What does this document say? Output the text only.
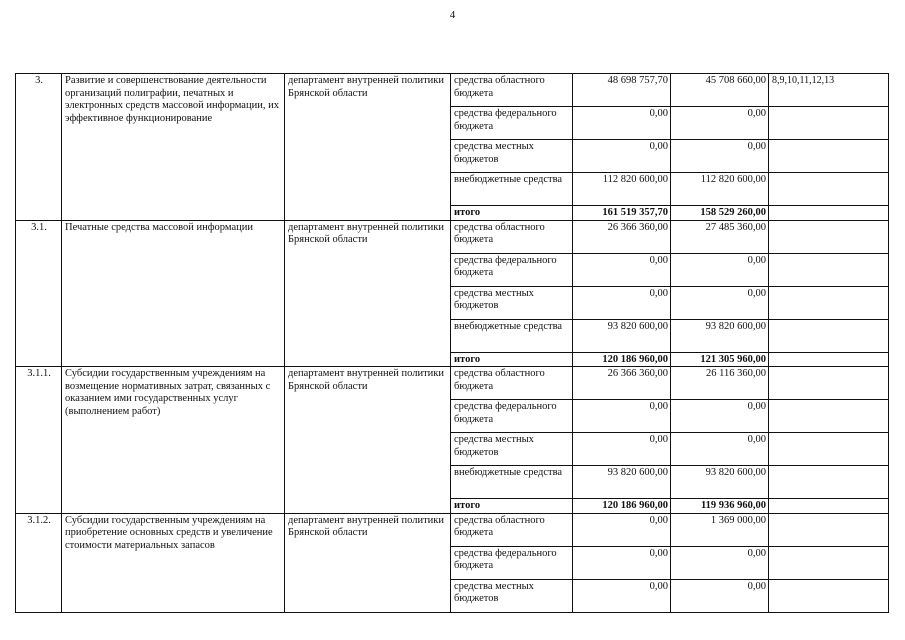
4
3.	Развитие и совершенствование деятельности организаций полиграфии, печатных и электронных средств массовой информации, их эффективное функционирование	департамент внутренней политики Брянской области	средства областного бюджета	48 698 757,70	45 708 660,00	8,9,10,11,12,13
			средства федерального бюджета	0,00	0,00	
			средства местных бюджетов	0,00	0,00	
			внебюджетные средства	112 820 600,00	112 820 600,00	
			итого	161 519 357,70	158 529 260,00	
3.1.	Печатные средства массовой информации	департамент внутренней политики Брянской области	средства областного бюджета	26 366 360,00	27 485 360,00	
			средства федерального бюджета	0,00	0,00	
			средства местных бюджетов	0,00	0,00	
			внебюджетные средства	93 820 600,00	93 820 600,00	
			итого	120 186 960,00	121 305 960,00	
3.1.1.	Субсидии государственным учреждениям на возмещение нормативных затрат, связанных с оказанием ими государственных услуг (выполнением работ)	департамент внутренней политики Брянской области	средства областного бюджета	26 366 360,00	26 116 360,00	
			средства федерального бюджета	0,00	0,00	
			средства местных бюджетов	0,00	0,00	
			внебюджетные средства	93 820 600,00	93 820 600,00	
			итого	120 186 960,00	119 936 960,00	
3.1.2.	Субсидии государственным учреждениям на приобретение основных средств и увеличение стоимости материальных запасов	департамент внутренней политики Брянской области	средства областного бюджета	0,00	1 369 000,00	
			средства федерального бюджета	0,00	0,00	
			средства местных бюджетов	0,00	0,00	
